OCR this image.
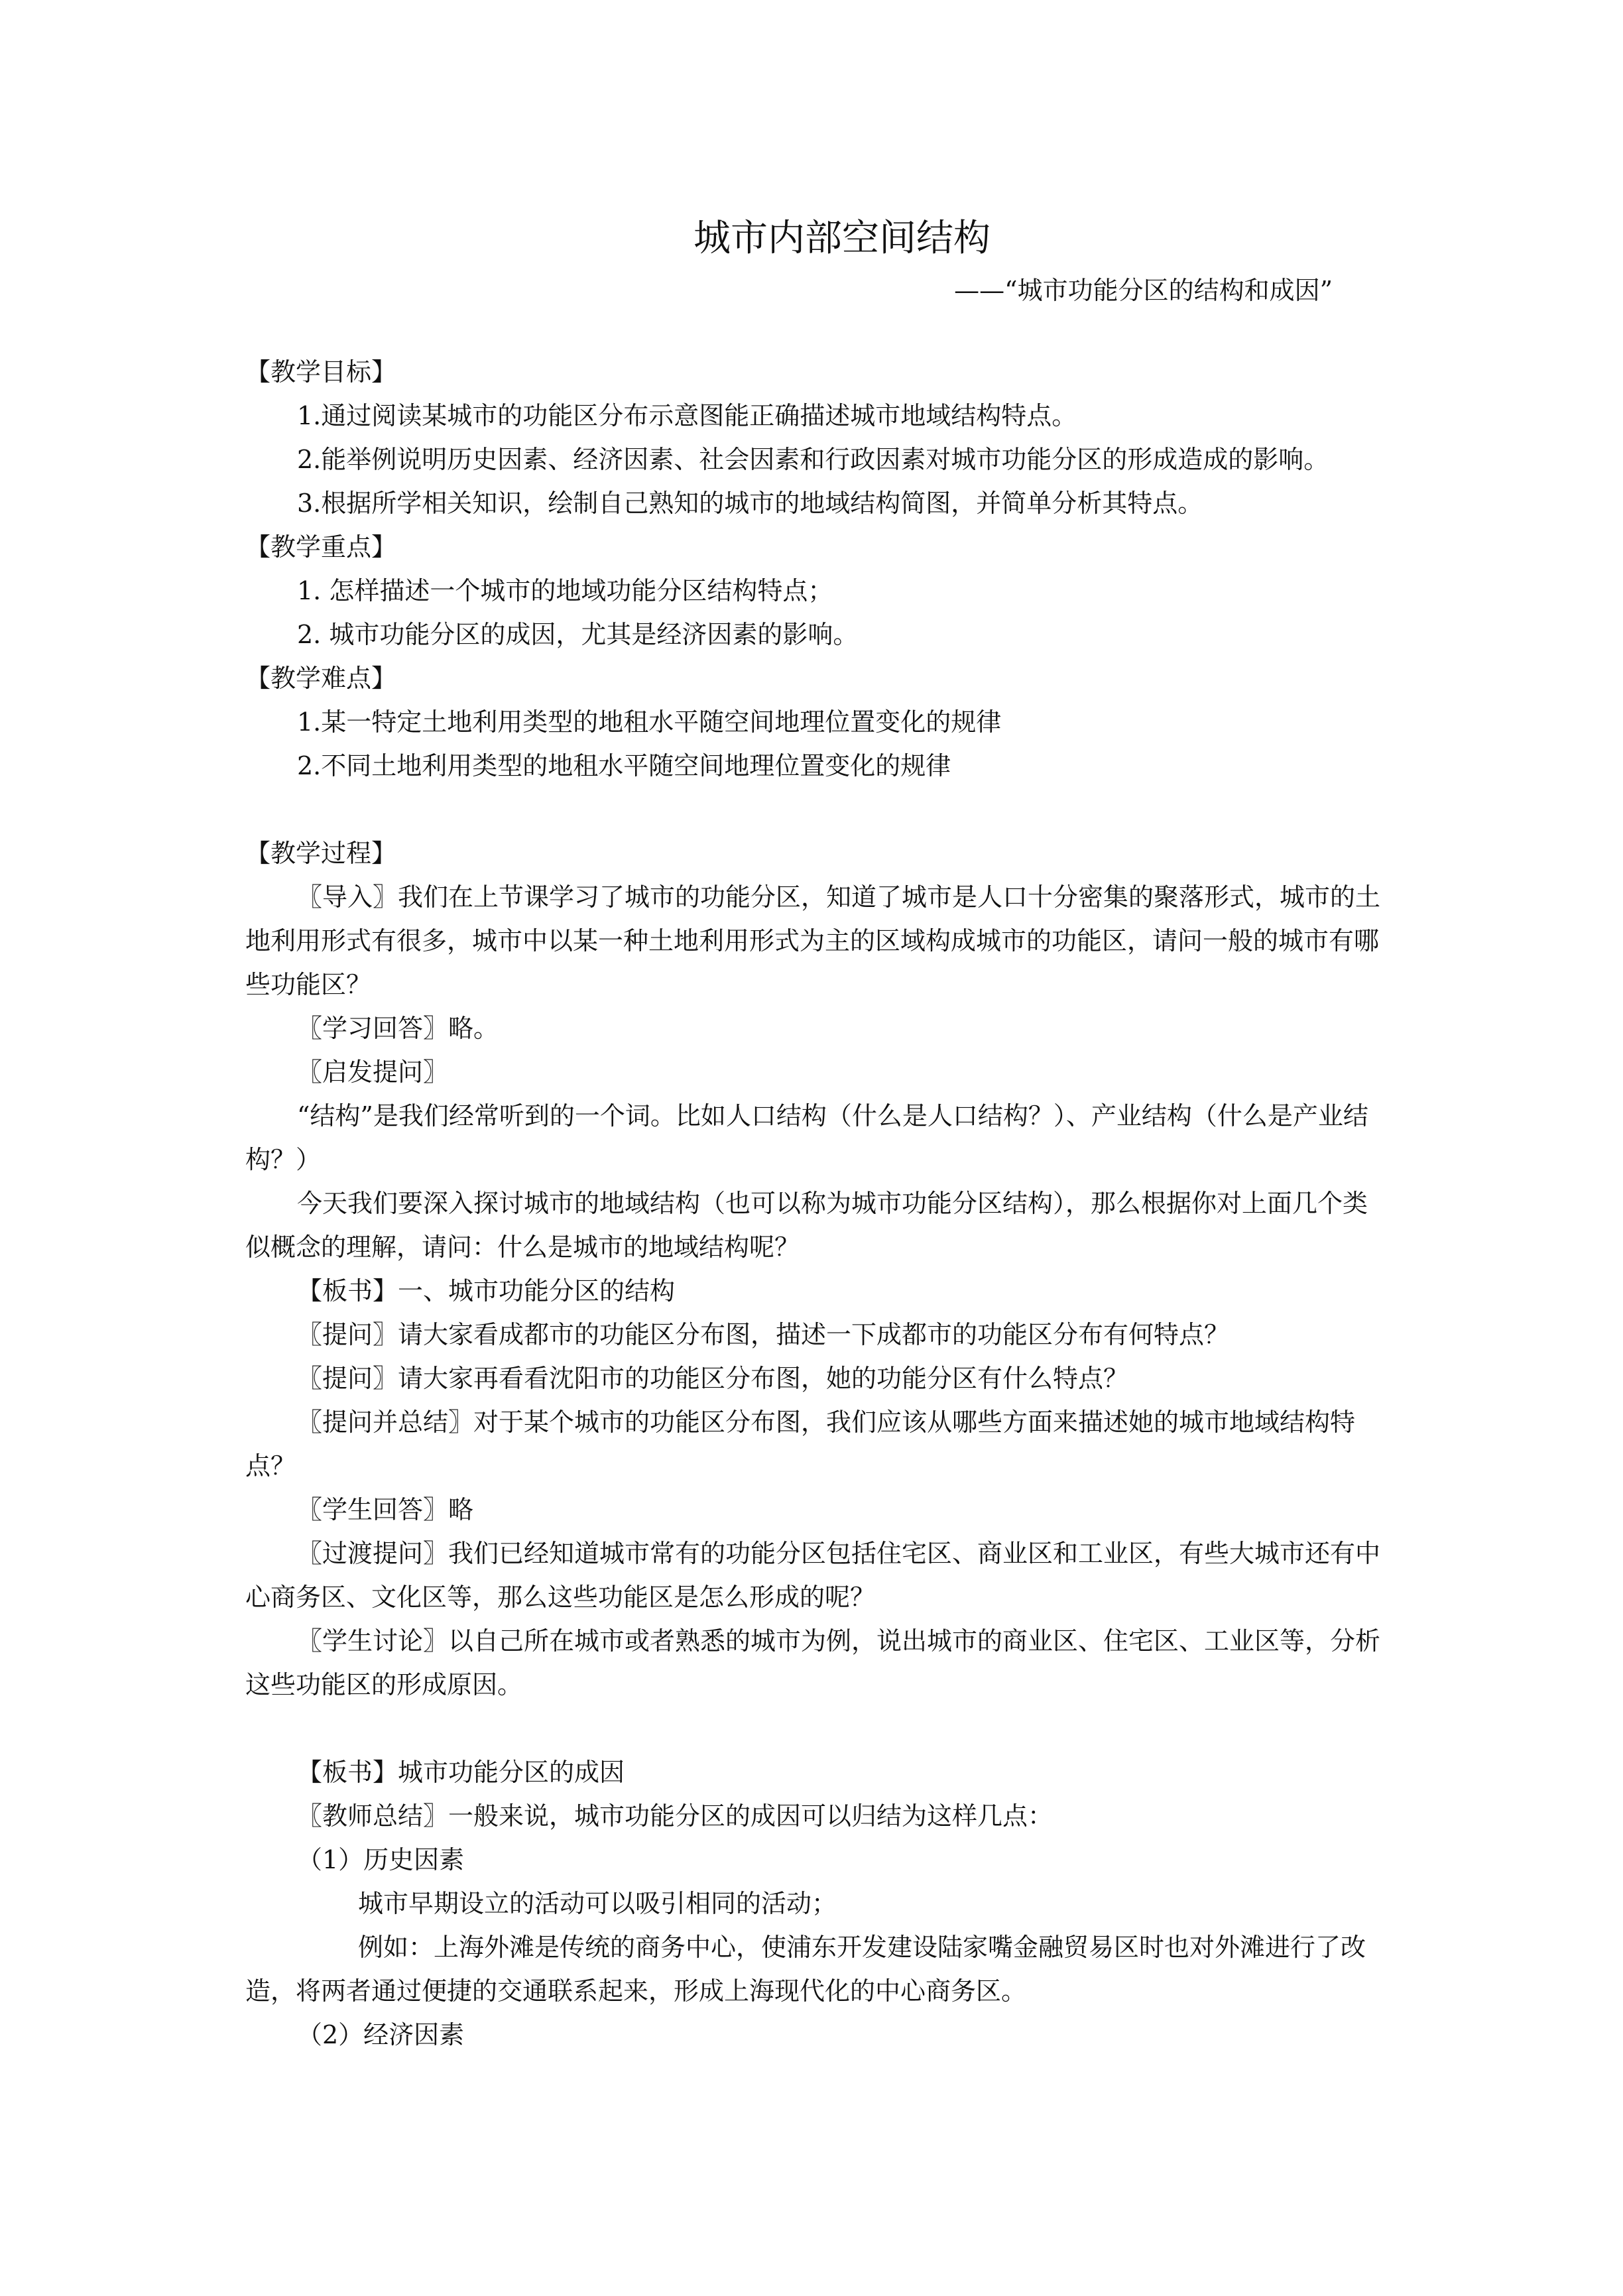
城市内部空间结构
——“城市功能分区的结构和成因”
【教学目标】
1.通过阅读某城市的功能区分布示意图能正确描述城市地域结构特点。
2.能举例说明历史因素、经济因素、社会因素和行政因素对城市功能分区的形成造成的影响。
3.根据所学相关知识，绘制自己熟知的城市的地域结构简图，并简单分析其特点。
【教学重点】
1. 怎样描述一个城市的地域功能分区结构特点；
2. 城市功能分区的成因，尤其是经济因素的影响。
【教学难点】
1.某一特定土地利用类型的地租水平随空间地理位置变化的规律
2.不同土地利用类型的地租水平随空间地理位置变化的规律
【教学过程】
〖导入〗我们在上节课学习了城市的功能分区，知道了城市是人口十分密集的聚落形式，城市的土地利用形式有很多，城市中以某一种土地利用形式为主的区域构成城市的功能区，请问一般的城市有哪些功能区？
〖学习回答〗略。
〖启发提问〗
“结构”是我们经常听到的一个词。比如人口结构（什么是人口结构？）、产业结构（什么是产业结构？）
今天我们要深入探讨城市的地域结构（也可以称为城市功能分区结构），那么根据你对上面几个类似概念的理解，请问：什么是城市的地域结构呢？
【板书】一、城市功能分区的结构
〖提问〗请大家看成都市的功能区分布图，描述一下成都市的功能区分布有何特点？
〖提问〗请大家再看看沈阳市的功能区分布图，她的功能分区有什么特点？
〖提问并总结〗对于某个城市的功能区分布图，我们应该从哪些方面来描述她的城市地域结构特点？
〖学生回答〗略
〖过渡提问〗我们已经知道城市常有的功能分区包括住宅区、商业区和工业区，有些大城市还有中心商务区、文化区等，那么这些功能区是怎么形成的呢？
〖学生讨论〗以自己所在城市或者熟悉的城市为例，说出城市的商业区、住宅区、工业区等，分析这些功能区的形成原因。
【板书】城市功能分区的成因
〖教师总结〗一般来说，城市功能分区的成因可以归结为这样几点：
（1）历史因素
城市早期设立的活动可以吸引相同的活动；
例如：上海外滩是传统的商务中心，使浦东开发建设陆家嘴金融贸易区时也对外滩进行了改造，将两者通过便捷的交通联系起来，形成上海现代化的中心商务区。
（2）经济因素
